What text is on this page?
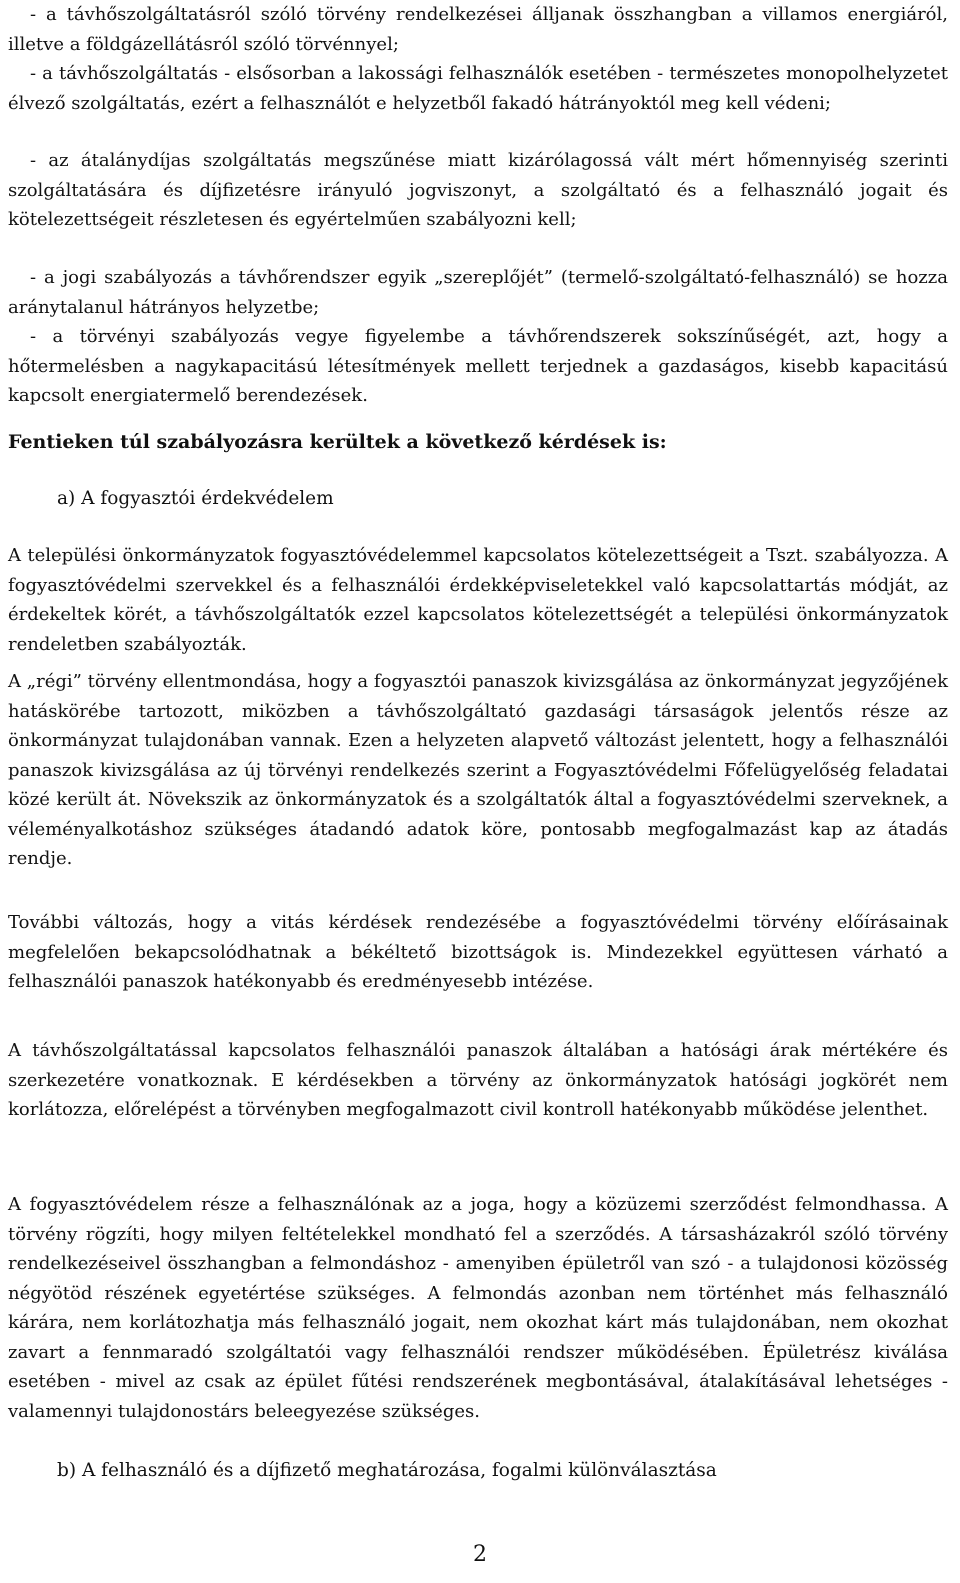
- a távhőszolgáltatásról szóló törvény rendelkezései álljanak összhangban a villamos energiáról, illetve a földgázellátásról szóló törvénnyel;

- a távhőszolgáltatás - elsősorban a lakossági felhasználók esetében - természetes monopolhelyzetet élvező szolgáltatás, ezért a felhasználót e helyzetből fakadó hátrányoktól meg kell védeni;

- az átalánydíjas szolgáltatás megszűnése miatt kizárólagossá vált mért hőmennyiség szerinti szolgáltatására és díjfizetésre irányuló jogviszonyt, a szolgáltató és a felhasználó jogait és kötelezettségeit részletesen és egyértelműen szabályozni kell;

- a jogi szabályozás a távhőrendszer egyik „szereplőjét” (termelő-szolgáltató-felhasználó) se hozza aránytalanul hátrányos helyzetbe;

- a törvényi szabályozás vegye figyelembe a távhőrendszerek sokszínűségét, azt, hogy a hőtermelésben a nagykapacitású létesítmények mellett terjednek a gazdaságos, kisebb kapacitású kapcsolt energiatermelő berendezések.

Fentieken túl szabályozásra kerültek a következő kérdések is:

a) A fogyasztói érdekvédelem

A települési önkormányzatok fogyasztóvédelemmel kapcsolatos kötelezettségeit a Tszt. szabályozza. A fogyasztóvédelmi szervekkel és a felhasználói érdekképviseletekkel való kapcsolattartás módját, az érdekeltek körét, a távhőszolgáltatók ezzel kapcsolatos kötelezettségét a települési önkormányzatok rendeletben szabályozták.

A „régi” törvény ellentmondása, hogy a fogyasztói panaszok kivizsgálása az önkormányzat jegyzőjének hatáskörébe tartozott, miközben a távhőszolgáltató gazdasági társaságok jelentős része az önkormányzat tulajdonában vannak. Ezen a helyzeten alapvető változást jelentett, hogy a felhasználói panaszok kivizsgálása az új törvényi rendelkezés szerint a Fogyasztóvédelmi Főfelügyelőség feladatai közé került át. Növekszik az önkormányzatok és a szolgáltatók által a fogyasztóvédelmi szerveknek, a véleményalkotáshoz szükséges átadandó adatok köre, pontosabb megfogalmazást kap az átadás rendje.

További változás, hogy a vitás kérdések rendezésébe a fogyasztóvédelmi törvény előírásainak megfelelően bekapcsolódhatnak a békéltető bizottságok is. Mindezekkel együttesen várható a felhasználói panaszok hatékonyabb és eredményesebb intézése.

A távhőszolgáltatással kapcsolatos felhasználói panaszok általában a hatósági árak mértékére és szerkezetére vonatkoznak. E kérdésekben a törvény az önkormányzatok hatósági jogkörét nem korlátozza, előrelépést a törvényben megfogalmazott civil kontroll hatékonyabb működése jelenthet.

A fogyasztóvédelem része a felhasználónak az a joga, hogy a közüzemi szerződést felmondhassa. A törvény rögzíti, hogy milyen feltételekkel mondható fel a szerződés. A társasházakról szóló törvény rendelkezéseivel összhangban a felmondáshoz - amenyiben épületről van szó - a tulajdonosi közösség négyötöd részének egyetértése szükséges. A felmondás azonban nem történhet más felhasználó kárára, nem korlátozhatja más felhasználó jogait, nem okozhat kárt más tulajdonában, nem okozhat zavart a fennmaradó szolgáltatói vagy felhasználói rendszer működésében. Épületrész kiválása esetében - mivel az csak az épület fűtési rendszerének megbontásával, átalakításával lehetséges - valamennyi tulajdonostárs beleegyezése szükséges.

b) A felhasználó és a díjfizető meghatározása, fogalmi különválasztása

2
